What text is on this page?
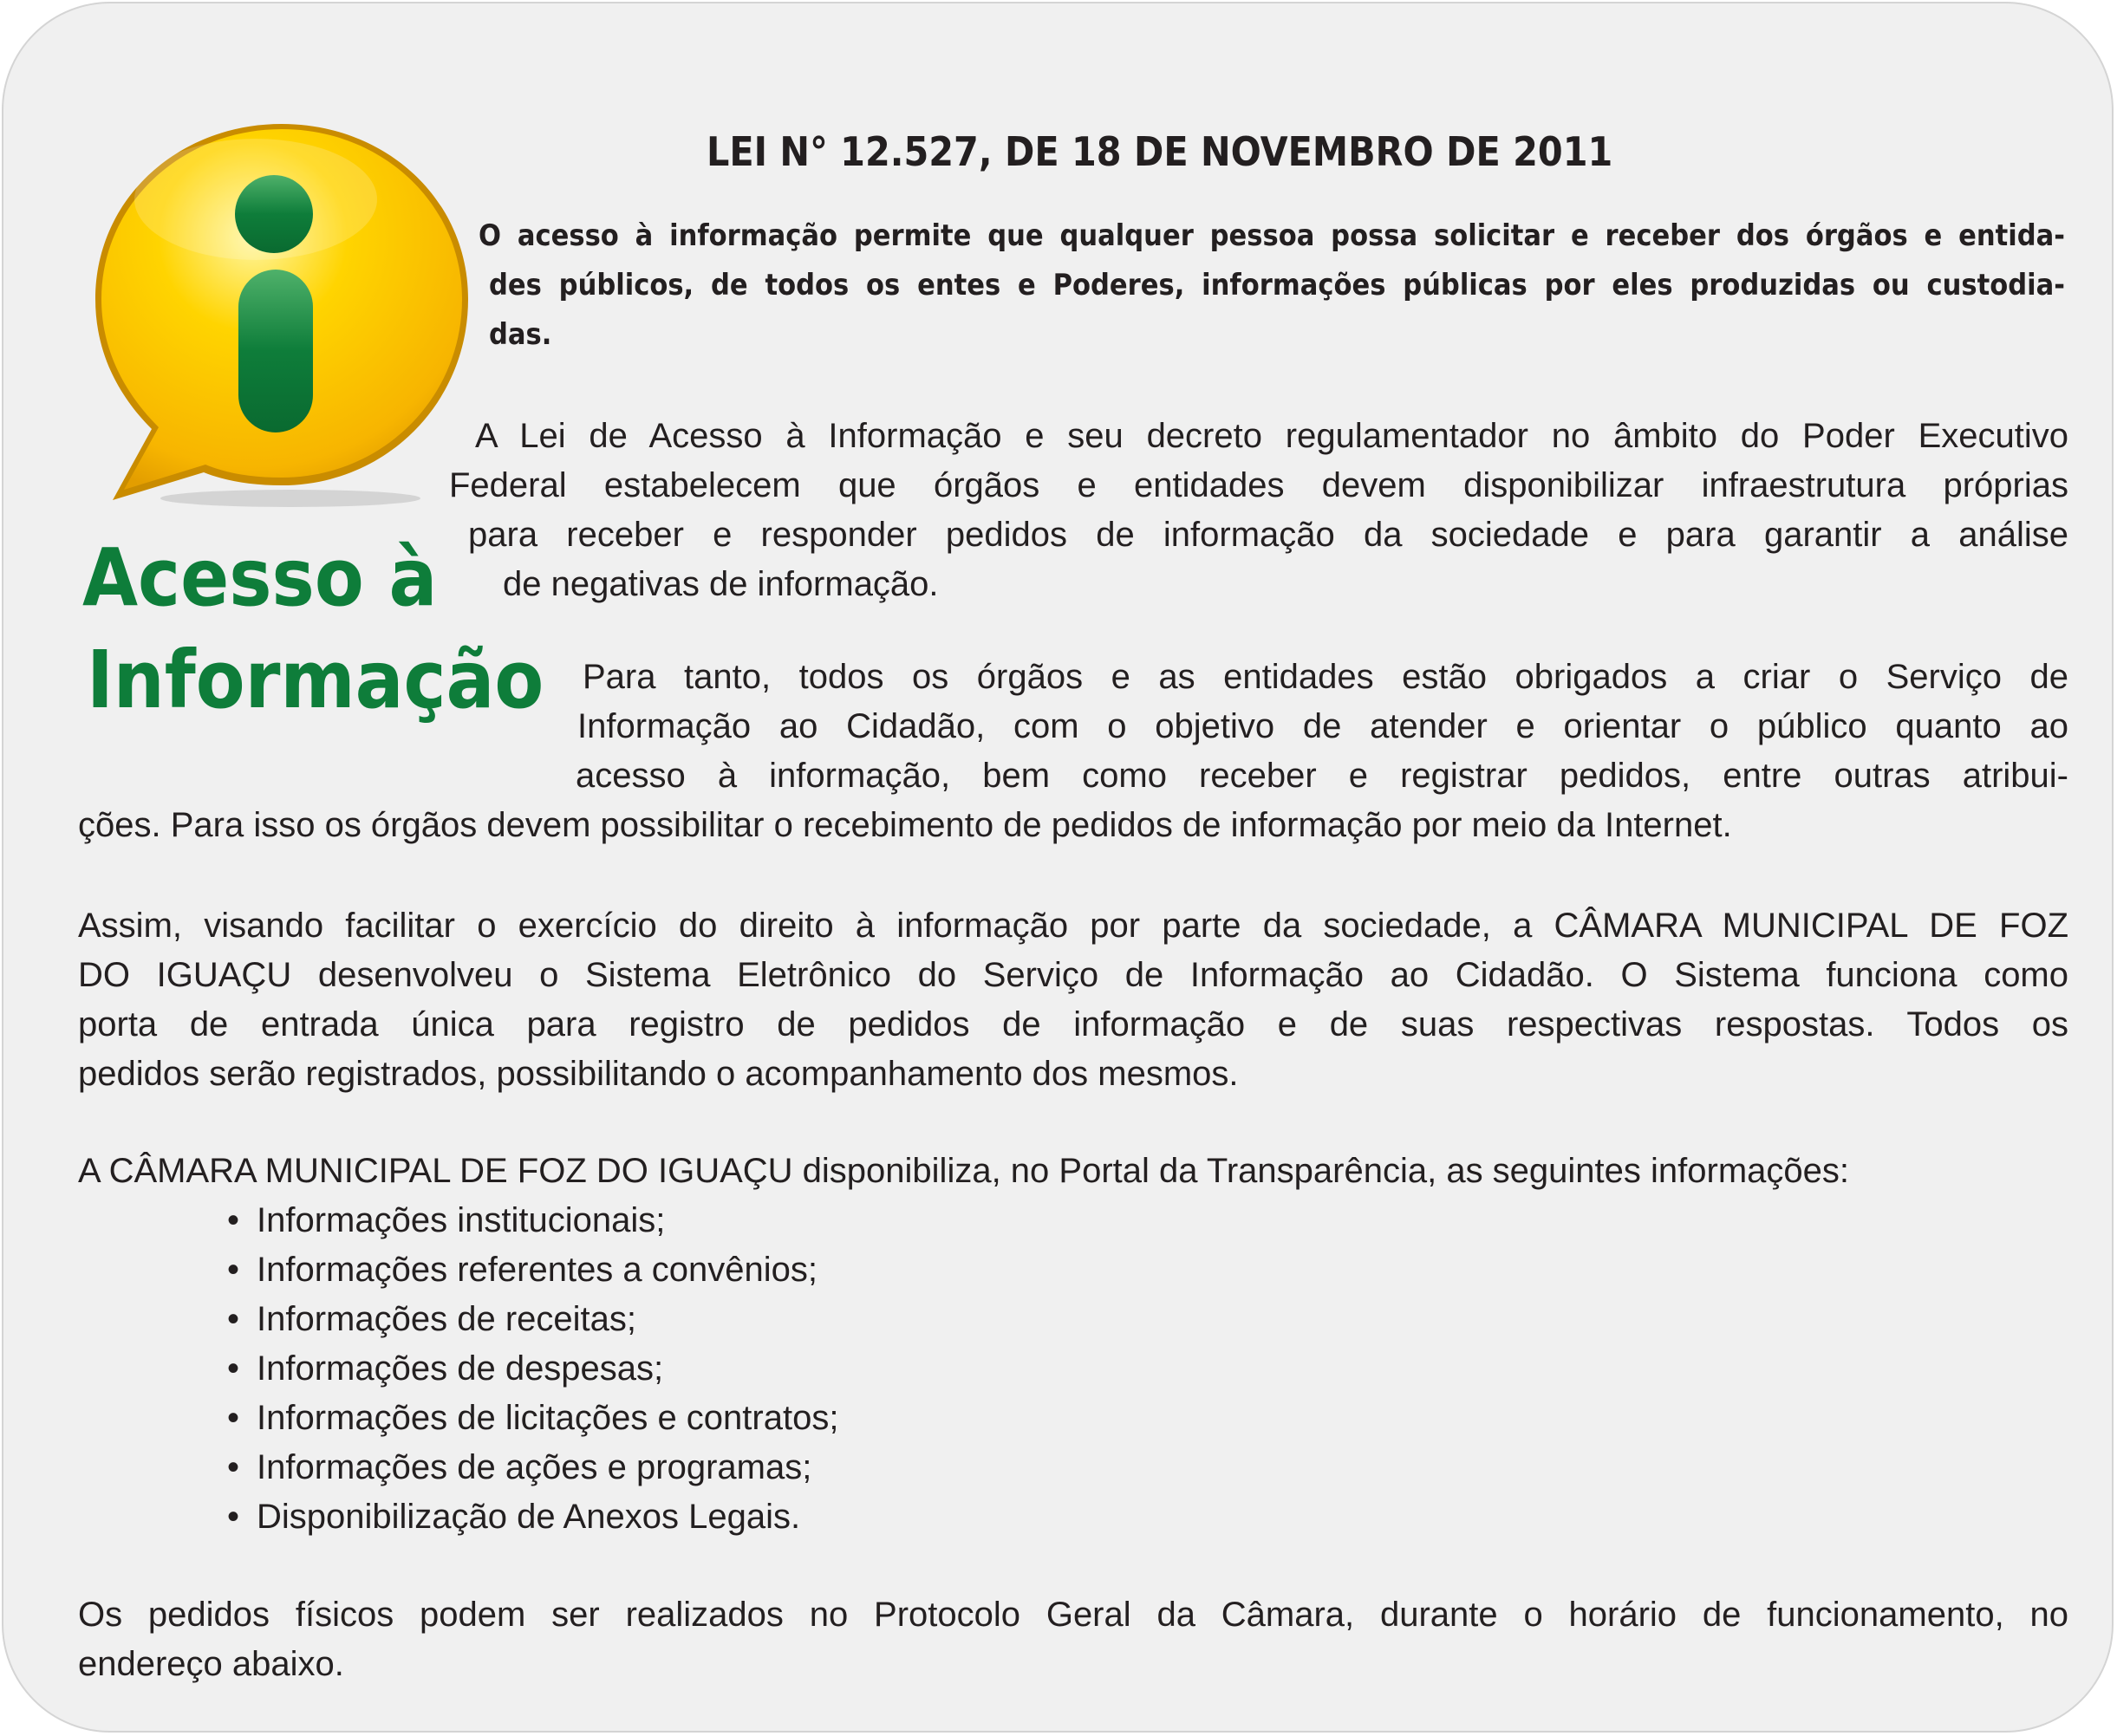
Acesso à
Informação
LEI N° 12.527, DE 18 DE NOVEMBRO DE 2011
O acesso à informação permite que qualquer pessoa possa solicitar e receber dos órgãos e entida-
des públicos, de todos os entes e Poderes, informações públicas por eles produzidas ou custodia-
das.
A Lei de Acesso à Informação e seu decreto regulamentador no âmbito do Poder Executivo
Federal estabelecem que órgãos e entidades devem disponibilizar infraestrutura próprias
para receber e responder pedidos de informação da sociedade e para garantir a análise
de negativas de informação.
Para tanto, todos os órgãos e as entidades estão obrigados a criar o Serviço de
Informação ao Cidadão, com o objetivo de atender e orientar o público quanto ao
acesso à informação, bem como receber e registrar pedidos, entre outras atribui-
ções. Para isso os órgãos devem possibilitar o recebimento de pedidos de informação por meio da Internet.
Assim, visando facilitar o exercício do direito à informação por parte da sociedade, a CÂMARA MUNICIPAL DE FOZ
DO IGUAÇU desenvolveu o Sistema Eletrônico do Serviço de Informação ao Cidadão. O Sistema funciona como
porta de entrada única para registro de pedidos de informação e de suas respectivas respostas. Todos os
pedidos serão registrados, possibilitando o acompanhamento dos mesmos.
A CÂMARA MUNICIPAL DE FOZ DO IGUAÇU disponibiliza, no Portal da Transparência, as seguintes informações:
• Informações institucionais;
• Informações referentes a convênios;
• Informações de receitas;
• Informações de despesas;
• Informações de licitações e contratos;
• Informações de ações e programas;
• Disponibilização de Anexos Legais.
Os pedidos físicos podem ser realizados no Protocolo Geral da Câmara, durante o horário de funcionamento, no
endereço abaixo.
